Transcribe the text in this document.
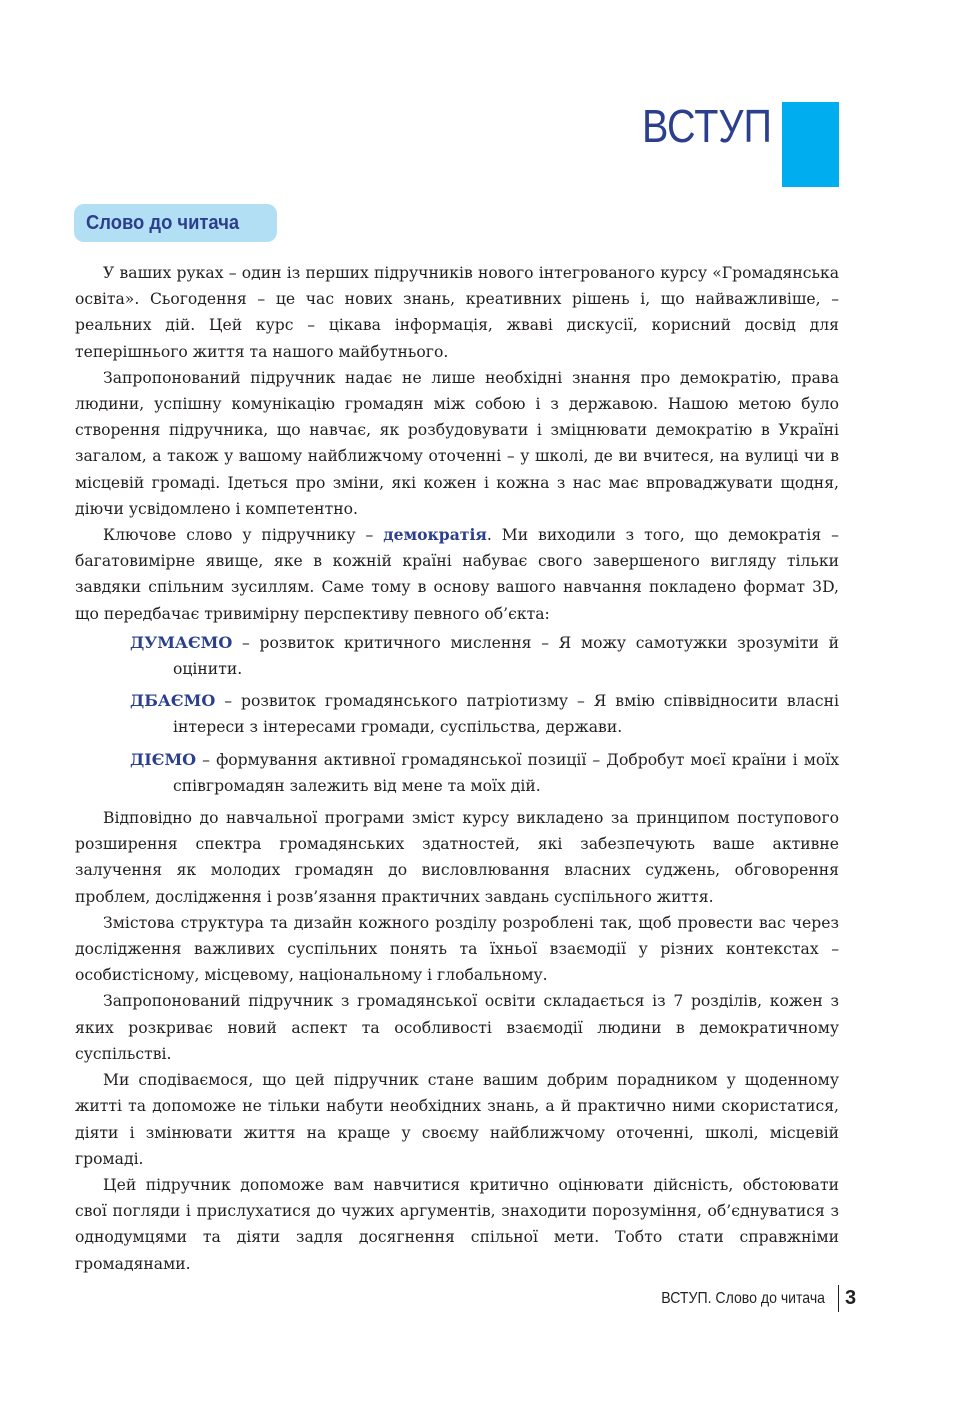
ВСТУП
Слово до читача

У ваших руках – один із перших підручників нового інтегрованого курсу «Громадянська освіта». Сьогодення – це час нових знань, креативних рішень і, що найважливіше, – реальних дій. Цей курс – цікава інформація, жваві дискусії, корисний досвід для теперішнього життя та нашого майбутнього.

Запропонований підручник надає не лише необхідні знання про демократію, права людини, успішну комунікацію громадян між собою і з державою. Нашою метою було створення підручника, що навчає, як розбудовувати і зміцнювати демократію в Україні загалом, а також у вашому найближчому оточенні – у школі, де ви вчитеся, на вулиці чи в місцевій громаді. Ідеться про зміни, які кожен і кожна з нас має впроваджувати щодня, діючи усвідомлено і компетентно.

Ключове слово у підручнику – демократія. Ми виходили з того, що демократія – багатовимірне явище, яке в кожній країні набуває свого завершеного вигляду тільки завдяки спільним зусиллям. Саме тому в основу вашого навчання покладено формат 3D, що передбачає тривимірну перспективу певного об’єкта:

ДУМАЄМО – розвиток критичного мислення – Я можу самотужки зрозуміти й оцінити.
ДБАЄМО – розвиток громадянського патріотизму – Я вмію співвідносити власні інтереси з інтересами громади, суспільства, держави.
ДІЄМО – формування активної громадянської позиції – Добробут моєї країни і моїх співгромадян залежить від мене та моїх дій.

Відповідно до навчальної програми зміст курсу викладено за принципом поступового розширення спектра громадянських здатностей, які забезпечують ваше активне залучення як молодих громадян до висловлювання власних суджень, обговорення проблем, дослідження і розв’язання практичних завдань суспільного життя.

Змістова структура та дизайн кожного розділу розроблені так, щоб провести вас через дослідження важливих суспільних понять та їхньої взаємодії у різних контекстах – особистісному, місцевому, національному і глобальному.

Запропонований підручник з громадянської освіти складається із 7 розділів, кожен з яких розкриває новий аспект та особливості взаємодії людини в демократичному суспільстві.

Ми сподіваємося, що цей підручник стане вашим добрим порадником у щоденному житті та допоможе не тільки набути необхідних знань, а й практично ними скористатися, діяти і змінювати життя на краще у своєму найближчому оточенні, школі, місцевій громаді.

Цей підручник допоможе вам навчитися критично оцінювати дійсність, обстоювати свої погляди і прислухатися до чужих аргументів, знаходити порозуміння, об’єднуватися з однодумцями та діяти задля досягнення спільної мети. Тобто стати справжніми громадянами.

ВСТУП. Слово до читача 3
